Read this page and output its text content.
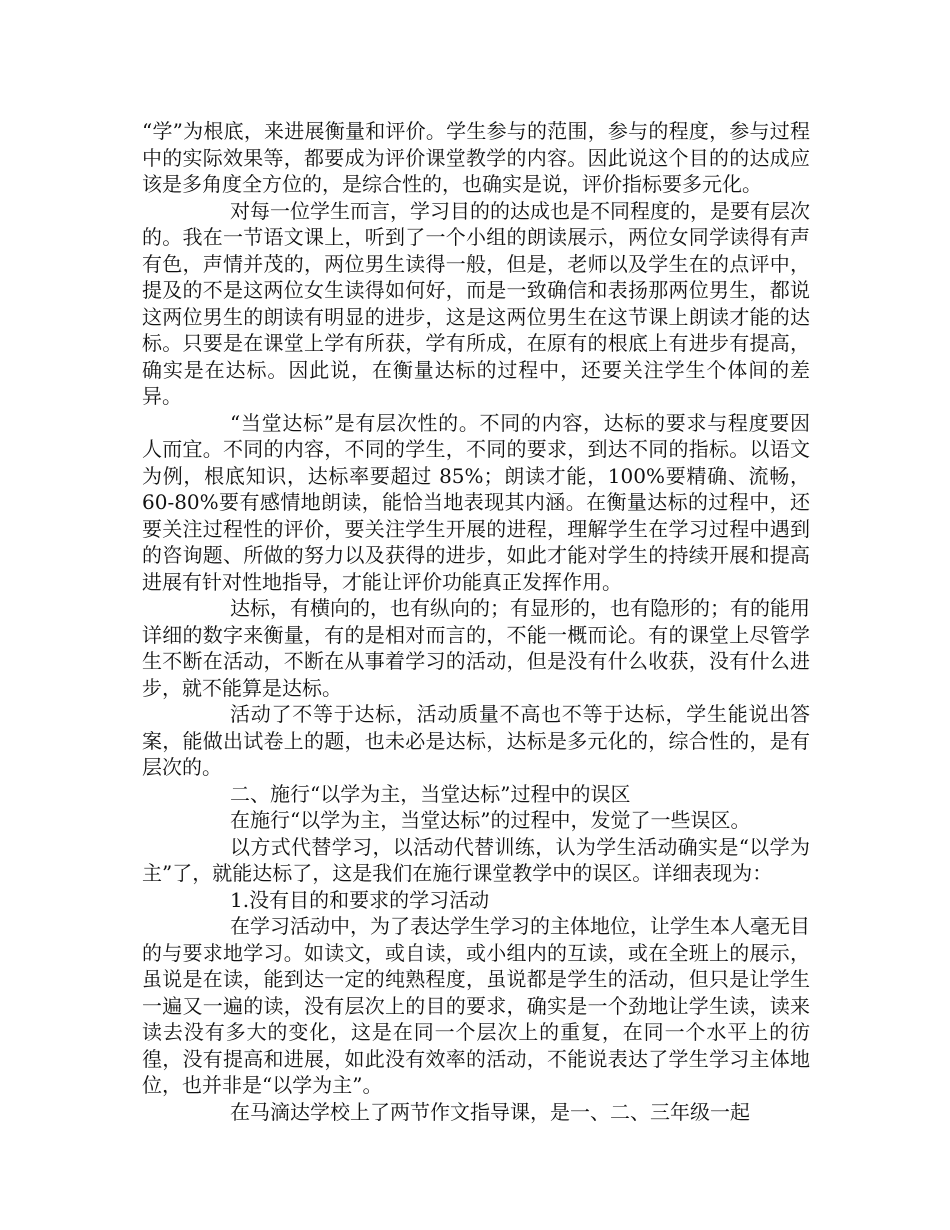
“学”为根底，来进展衡量和评价。学生参与的范围，参与的程度，参与过程中的实际效果等，都要成为评价课堂教学的内容。因此说这个目的的达成应该是多角度全方位的，是综合性的，也确实是说，评价指标要多元化。

对每一位学生而言，学习目的的达成也是不同程度的，是要有层次的。我在一节语文课上，听到了一个小组的朗读展示，两位女同学读得有声有色，声情并茂的，两位男生读得一般，但是，老师以及学生在的点评中，提及的不是这两位女生读得如何好，而是一致确信和表扬那两位男生，都说这两位男生的朗读有明显的进步，这是这两位男生在这节课上朗读才能的达标。只要是在课堂上学有所获，学有所成，在原有的根底上有进步有提高，确实是在达标。因此说，在衡量达标的过程中，还要关注学生个体间的差异。

“当堂达标”是有层次性的。不同的内容，达标的要求与程度要因人而宜。不同的内容，不同的学生，不同的要求，到达不同的指标。以语文为例，根底知识，达标率要超过 85%；朗读才能，100%要精确、流畅，60-80%要有感情地朗读，能恰当地表现其内涵。在衡量达标的过程中，还要关注过程性的评价，要关注学生开展的进程，理解学生在学习过程中遇到的咨询题、所做的努力以及获得的进步，如此才能对学生的持续开展和提高进展有针对性地指导，才能让评价功能真正发挥作用。

达标，有横向的，也有纵向的；有显形的，也有隐形的；有的能用详细的数字来衡量，有的是相对而言的，不能一概而论。有的课堂上尽管学生不断在活动，不断在从事着学习的活动，但是没有什么收获，没有什么进步，就不能算是达标。

活动了不等于达标，活动质量不高也不等于达标，学生能说出答案，能做出试卷上的题，也未必是达标，达标是多元化的，综合性的，是有层次的。

二、施行“以学为主，当堂达标”过程中的误区

在施行“以学为主，当堂达标”的过程中，发觉了一些误区。

以方式代替学习，以活动代替训练，认为学生活动确实是“以学为主”了，就能达标了，这是我们在施行课堂教学中的误区。详细表现为：

1.没有目的和要求的学习活动

在学习活动中，为了表达学生学习的主体地位，让学生本人毫无目的与要求地学习。如读文，或自读，或小组内的互读，或在全班上的展示，虽说是在读，能到达一定的纯熟程度，虽说都是学生的活动，但只是让学生一遍又一遍的读，没有层次上的目的要求，确实是一个劲地让学生读，读来读去没有多大的变化，这是在同一个层次上的重复，在同一个水平上的彷徨，没有提高和进展，如此没有效率的活动，不能说表达了学生学习主体地位，也并非是“以学为主”。

在马滴达学校上了两节作文指导课，是一、二、三年级一起
